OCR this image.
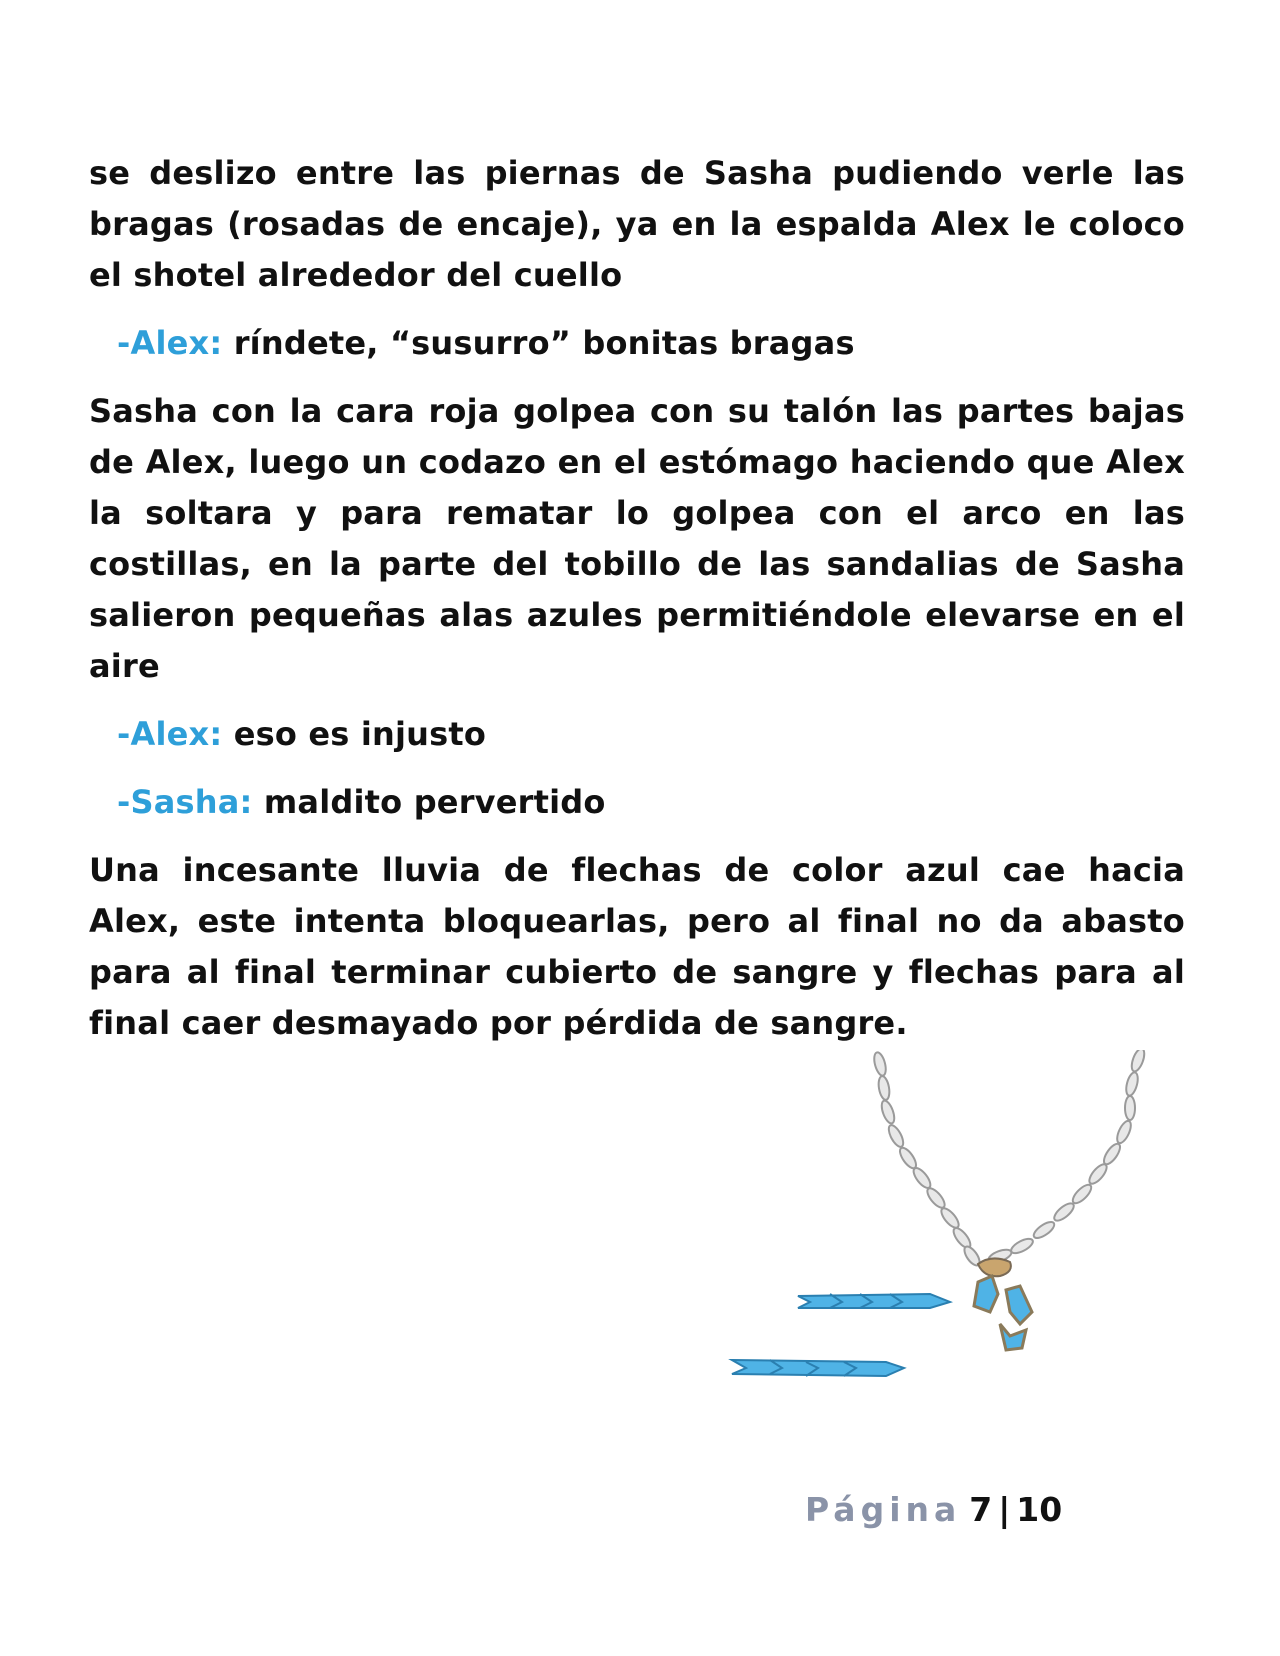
se deslizo entre las piernas de Sasha pudiendo verle las bragas (rosadas de encaje), ya en la espalda Alex le coloco el shotel alrededor del cuello

-Alex: ríndete, “susurro” bonitas bragas

Sasha con la cara roja golpea con su talón las partes bajas de Alex, luego un codazo en el estómago haciendo que Alex la soltara y para rematar lo golpea con el arco en las costillas, en la parte del tobillo de las sandalias de Sasha salieron pequeñas alas azules permitiéndole elevarse en el aire

-Alex: eso es injusto

-Sasha: maldito pervertido

Una incesante lluvia de flechas de color azul cae hacia Alex, este intenta bloquearlas, pero al final no da abasto para al final terminar cubierto de sangre y flechas para al final caer desmayado por pérdida de sangre.

Página 7 | 10
